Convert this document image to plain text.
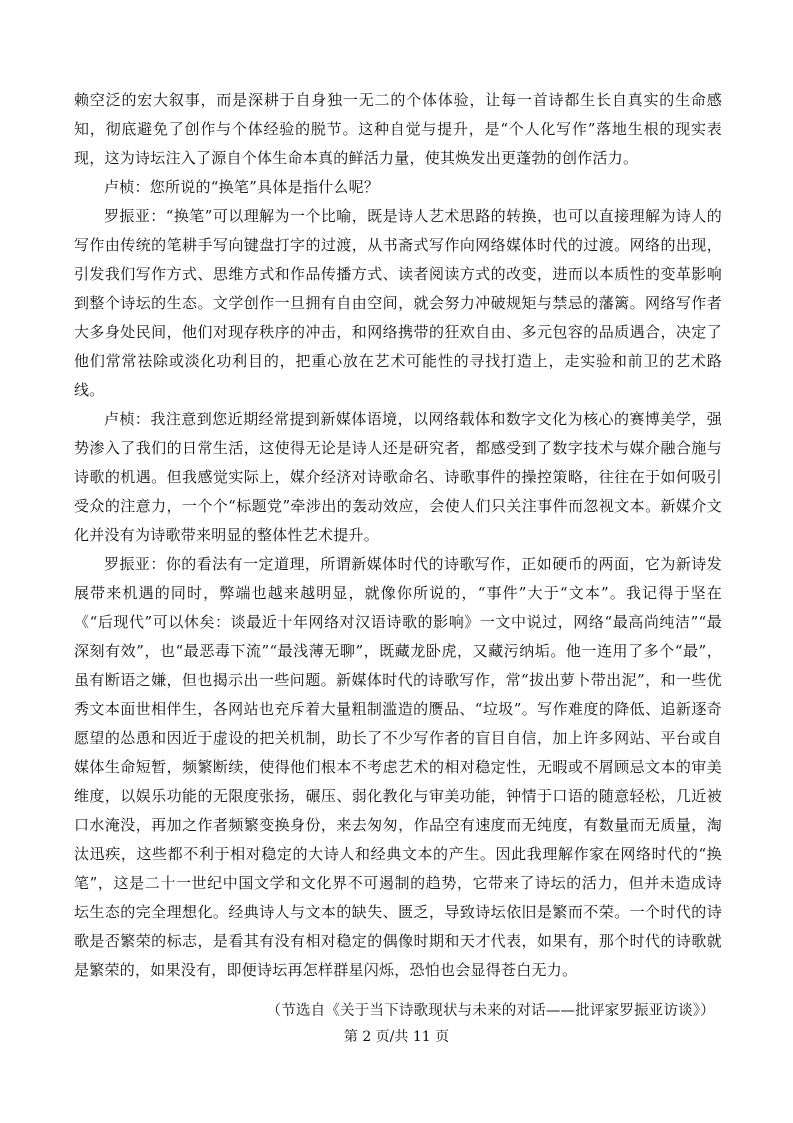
赖空泛的宏大叙事，而是深耕于自身独一无二的个体体验，让每一首诗都生长自真实的生命感知，彻底避免了创作与个体经验的脱节。这种自觉与提升，是“个人化写作”落地生根的现实表现，这为诗坛注入了源自个体生命本真的鲜活力量，使其焕发出更蓬勃的创作活力。

卢桢：您所说的“换笔”具体是指什么呢？

罗振亚：“换笔”可以理解为一个比喻，既是诗人艺术思路的转换，也可以直接理解为诗人的写作由传统的笔耕手写向键盘打字的过渡，从书斋式写作向网络媒体时代的过渡。网络的出现，引发我们写作方式、思维方式和作品传播方式、读者阅读方式的改变，进而以本质性的变革影响到整个诗坛的生态。文学创作一旦拥有自由空间，就会努力冲破规矩与禁忌的藩篱。网络写作者大多身处民间，他们对现存秩序的冲击，和网络携带的狂欢自由、多元包容的品质遇合，决定了他们常常祛除或淡化功利目的，把重心放在艺术可能性的寻找打造上，走实验和前卫的艺术路线。

卢桢：我注意到您近期经常提到新媒体语境，以网络载体和数字文化为核心的赛博美学，强势渗入了我们的日常生活，这使得无论是诗人还是研究者，都感受到了数字技术与媒介融合施与诗歌的机遇。但我感觉实际上，媒介经济对诗歌命名、诗歌事件的操控策略，往往在于如何吸引受众的注意力，一个个“标题党”牵涉出的轰动效应，会使人们只关注事件而忽视文本。新媒介文化并没有为诗歌带来明显的整体性艺术提升。

罗振亚：你的看法有一定道理，所谓新媒体时代的诗歌写作，正如硬币的两面，它为新诗发展带来机遇的同时，弊端也越来越明显，就像你所说的，“事件”大于“文本”。我记得于坚在《“后现代”可以休矣：谈最近十年网络对汉语诗歌的影响》一文中说过，网络“最高尚纯洁”“最深刻有效”，也“最恶毒下流”“最浅薄无聊”，既藏龙卧虎，又藏污纳垢。他一连用了多个“最”，虽有断语之嫌，但也揭示出一些问题。新媒体时代的诗歌写作，常“拔出萝卜带出泥”，和一些优秀文本面世相伴生，各网站也充斥着大量粗制滥造的赝品、“垃圾”。写作难度的降低、追新逐奇愿望的怂恿和因近于虚设的把关机制，助长了不少写作者的盲目自信，加上许多网站、平台或自媒体生命短暂，频繁断续，使得他们根本不考虑艺术的相对稳定性，无暇或不屑顾忌文本的审美维度，以娱乐功能的无限度张扬，碾压、弱化教化与审美功能，钟情于口语的随意轻松，几近被口水淹没，再加之作者频繁变换身份，来去匆匆，作品空有速度而无纯度，有数量而无质量，淘汰迅疾，这些都不利于相对稳定的大诗人和经典文本的产生。因此我理解作家在网络时代的“换笔”，这是二十一世纪中国文学和文化界不可遏制的趋势，它带来了诗坛的活力，但并未造成诗坛生态的完全理想化。经典诗人与文本的缺失、匮乏，导致诗坛依旧是繁而不荣。一个时代的诗歌是否繁荣的标志，是看其有没有相对稳定的偶像时期和天才代表，如果有，那个时代的诗歌就是繁荣的，如果没有，即便诗坛再怎样群星闪烁，恐怕也会显得苍白无力。

（节选自《关于当下诗歌现状与未来的对话——批评家罗振亚访谈》）
第 2 页/共 11 页
